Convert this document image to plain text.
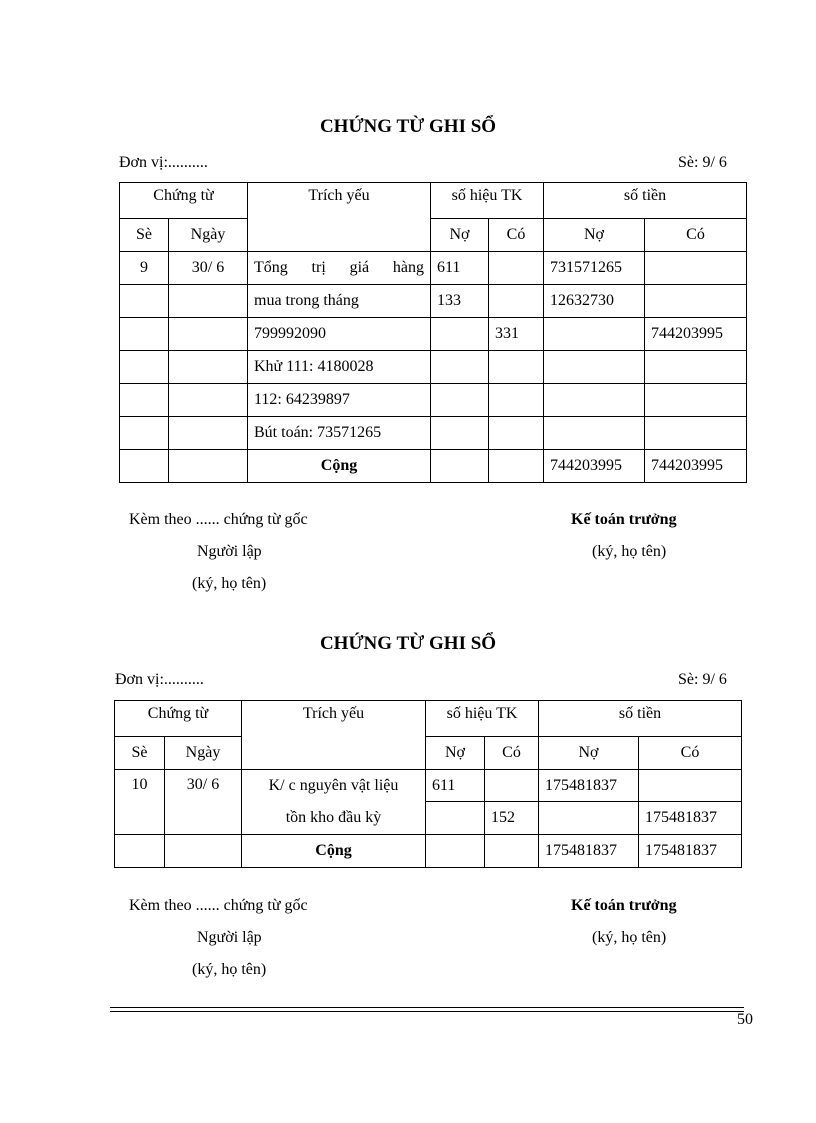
CHỨNG TỪ GHI SỔ
Đơn vị:..........	Sè: 9/ 6
Chứng từ		Trích yếu	số hiệu TK		số tiền	
Sè	Ngày		Nợ	Có	Nợ	Có
9	30/ 6	Tổng trị giá hàng	611		731571265	
		mua trong tháng	133		12632730	
		799992090		331		744203995
		Khử 111: 4180028				
		112: 64239897				
		Bút toán: 73571265				
		Cộng			744203995	744203995
Kèm theo ...... chứng từ gốc
Người lập
(ký, họ tên)
Kế toán trưởng
(ký, họ tên)
CHỨNG TỪ GHI SỔ
Đơn vị:..........	Sè: 9/ 6
Chứng từ		Trích yếu	số hiệu TK		số tiền	
Sè	Ngày		Nợ	Có	Nợ	Có
10	30/ 6	K/ c nguyên vật liệu	611		175481837	
		tồn kho đầu kỳ		152		175481837
		Cộng			175481837	175481837
Kèm theo ...... chứng từ gốc
Người lập
(ký, họ tên)
Kế toán trưởng
(ký, họ tên)
50
